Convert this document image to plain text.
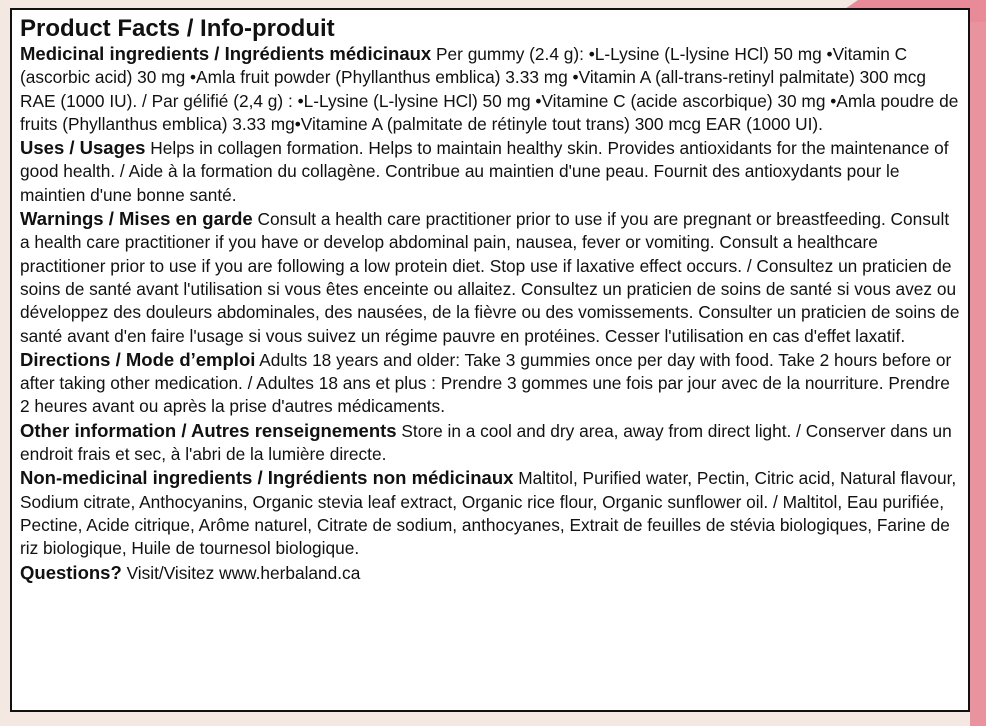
Product Facts / Info-produit

Medicinal ingredients / Ingrédients médicinaux Per gummy (2.4 g): •L-Lysine (L-lysine HCl) 50 mg •Vitamin C (ascorbic acid) 30 mg •Amla fruit powder (Phyllanthus emblica) 3.33 mg •Vitamin A (all-trans-retinyl palmitate) 300 mcg RAE (1000 IU). / Par gélifié (2,4 g) : •L-Lysine (L-lysine HCl) 50 mg •Vitamine C (acide ascorbique) 30 mg •Amla poudre de fruits (Phyllanthus emblica) 3.33 mg•Vitamine A (palmitate de rétinyle tout trans) 300 mcg EAR (1000 UI).

Uses / Usages Helps in collagen formation. Helps to maintain healthy skin. Provides antioxidants for the maintenance of good health. / Aide à la formation du collagène. Contribue au maintien d'une peau. Fournit des antioxydants pour le maintien d'une bonne santé.

Warnings / Mises en garde Consult a health care practitioner prior to use if you are pregnant or breastfeeding. Consult a health care practitioner if you have or develop abdominal pain, nausea, fever or vomiting. Consult a healthcare practitioner prior to use if you are following a low protein diet. Stop use if laxative effect occurs. / Consultez un praticien de soins de santé avant l'utilisation si vous êtes enceinte ou allaitez. Consultez un praticien de soins de santé si vous avez ou développez des douleurs abdominales, des nausées, de la fièvre ou des vomissements. Consulter un praticien de soins de santé avant d'en faire l'usage si vous suivez un régime pauvre en protéines. Cesser l'utilisation en cas d'effet laxatif.

Directions / Mode d’emploi Adults 18 years and older: Take 3 gummies once per day with food. Take 2 hours before or after taking other medication. / Adultes 18 ans et plus : Prendre 3 gommes une fois par jour avec de la nourriture. Prendre 2 heures avant ou après la prise d'autres médicaments.

Other information / Autres renseignements Store in a cool and dry area, away from direct light. / Conserver dans un endroit frais et sec, à l'abri de la lumière directe.

Non-medicinal ingredients / Ingrédients non médicinaux Maltitol, Purified water, Pectin, Citric acid, Natural flavour, Sodium citrate, Anthocyanins, Organic stevia leaf extract, Organic rice flour, Organic sunflower oil. / Maltitol, Eau purifiée, Pectine, Acide citrique, Arôme naturel, Citrate de sodium, anthocyanes, Extrait de feuilles de stévia biologiques, Farine de riz biologique, Huile de tournesol biologique.

Questions? Visit/Visitez www.herbaland.ca
